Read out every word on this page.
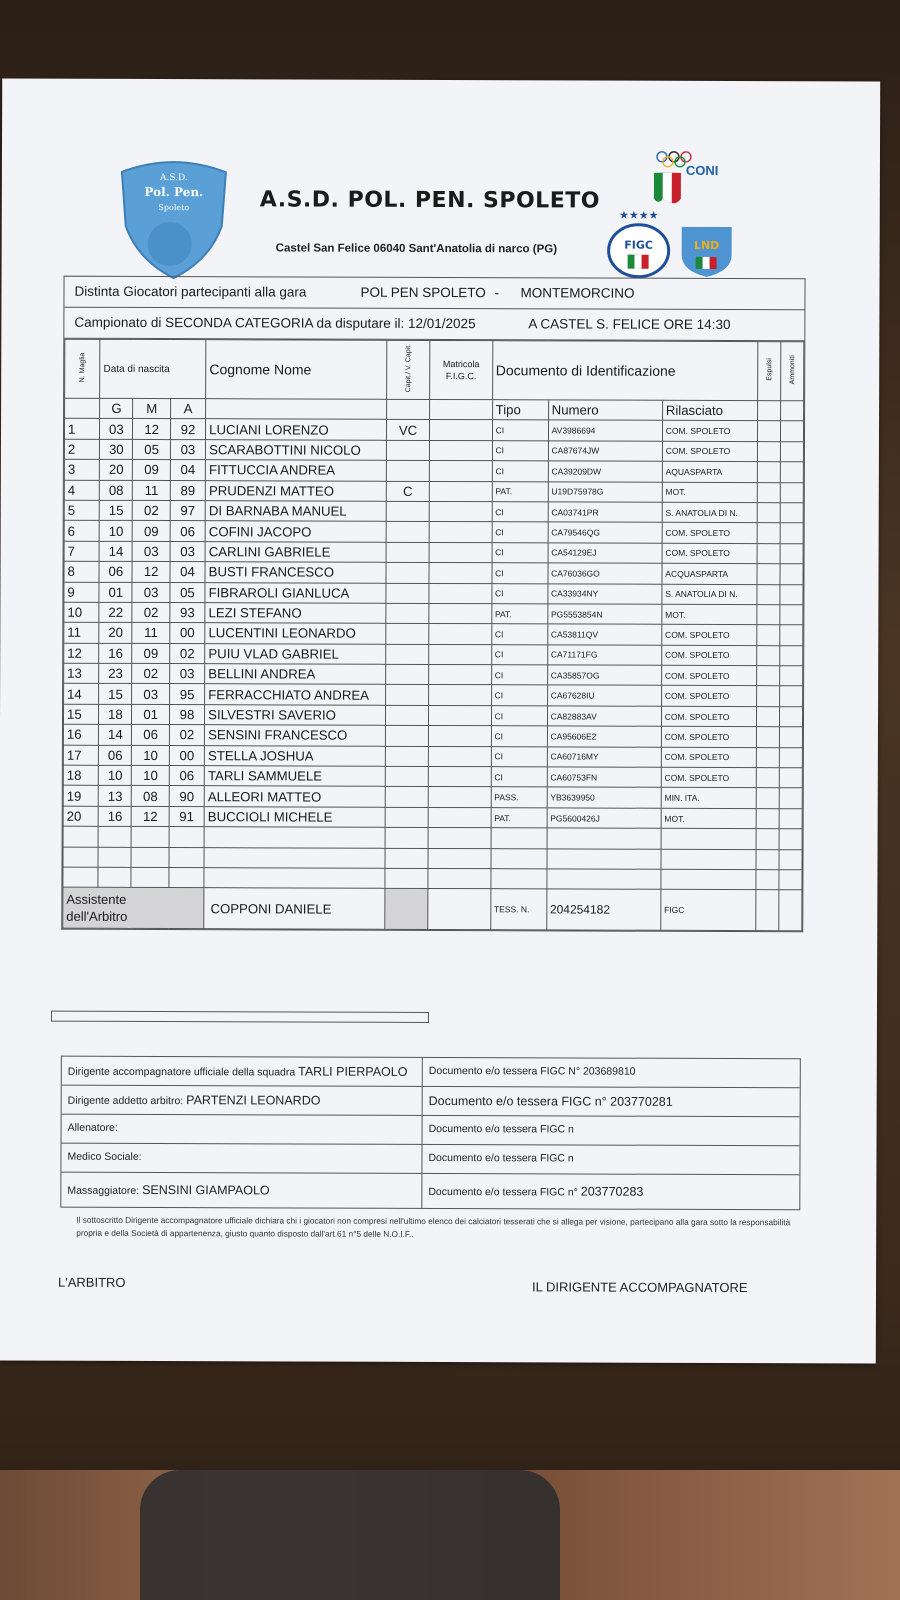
A.S.D.
Pol. Pen.
Spoleto	A.S.D. POL. PEN. SPOLETO
Castel San Felice 06040 Sant'Anatolia di narco (PG)
CONI
★★★★
FIGC	LND
Distinta Giocatori partecipanti alla gara	POL PEN SPOLETO - MONTEMORCINO
Campionato di SECONDA CATEGORIA da disputare il: 12/01/2025	A CASTEL S. FELICE ORE 14:30
N. Maglia	Data di nascita			Cognome Nome	Capit./ V. Capit.	Matricola F.I.G.C.	Documento di Identificazione			Espulsi	Ammoniti
	G	M	A				Tipo	Numero	Rilasciato		
1	03	12	92	LUCIANI LORENZO	VC		CI	AV3986694	COM. SPOLETO		
2	30	05	03	SCARABOTTINI NICOLO			CI	CA87674JW	COM. SPOLETO		
3	20	09	04	FITTUCCIA ANDREA			CI	CA39209DW	AQUASPARTA		
4	08	11	89	PRUDENZI MATTEO	C		PAT.	U19D75978G	MOT.		
5	15	02	97	DI BARNABA MANUEL			CI	CA03741PR	S. ANATOLIA DI N.		
6	10	09	06	COFINI JACOPO			CI	CA79546QG	COM. SPOLETO		
7	14	03	03	CARLINI GABRIELE			CI	CA54129EJ	COM. SPOLETO		
8	06	12	04	BUSTI FRANCESCO			CI	CA76036GO	ACQUASPARTA		
9	01	03	05	FIBRAROLI GIANLUCA			CI	CA33934NY	S. ANATOLIA DI N.		
10	22	02	93	LEZI STEFANO			PAT.	PG5553854N	MOT.		
11	20	11	00	LUCENTINI LEONARDO			CI	CA53811QV	COM. SPOLETO		
12	16	09	02	PUIU VLAD GABRIEL			CI	CA71171FG	COM. SPOLETO		
13	23	02	03	BELLINI ANDREA			CI	CA35857OG	COM. SPOLETO		
14	15	03	95	FERRACCHIATO ANDREA			CI	CA67628IU	COM. SPOLETO		
15	18	01	98	SILVESTRI SAVERIO			CI	CA82883AV	COM. SPOLETO		
16	14	06	02	SENSINI FRANCESCO			CI	CA95606E2	COM. SPOLETO		
17	06	10	00	STELLA JOSHUA			CI	CA60716MY	COM. SPOLETO		
18	10	10	06	TARLI SAMMUELE			CI	CA60753FN	COM. SPOLETO		
19	13	08	90	ALLEORI MATTEO			PASS.	YB3639950	MIN. ITA.		
20	16	12	91	BUCCIOLI MICHELE			PAT.	PG5600426J	MOT.		

Assistente
dell'Arbitro				COPPONI DANIELE			TESS. N.	204254182	FIGC		
Dirigente accompagnatore ufficiale della squadra TARLI PIERPAOLO	Documento e/o tessera FIGC N° 203689810
Dirigente addetto arbitro: PARTENZI LEONARDO	Documento e/o tessera FIGC n° 203770281
Allenatore:	Documento e/o tessera FIGC n
Medico Sociale:	Documento e/o tessera FIGC n
Massaggiatore: SENSINI GIAMPAOLO	Documento e/o tessera FIGC n° 203770283
Il sottoscritto Dirigente accompagnatore ufficiale dichiara chi i giocatori non compresi nell'ultimo elenco dei calciatori tesserati che si allega per visione, partecipano alla gara sotto la responsabilità propria e della Società di appartenenza, giusto quanto disposto dall'art.61 n°5 delle N.O.I.F..
L'ARBITRO	IL DIRIGENTE ACCOMPAGNATORE
